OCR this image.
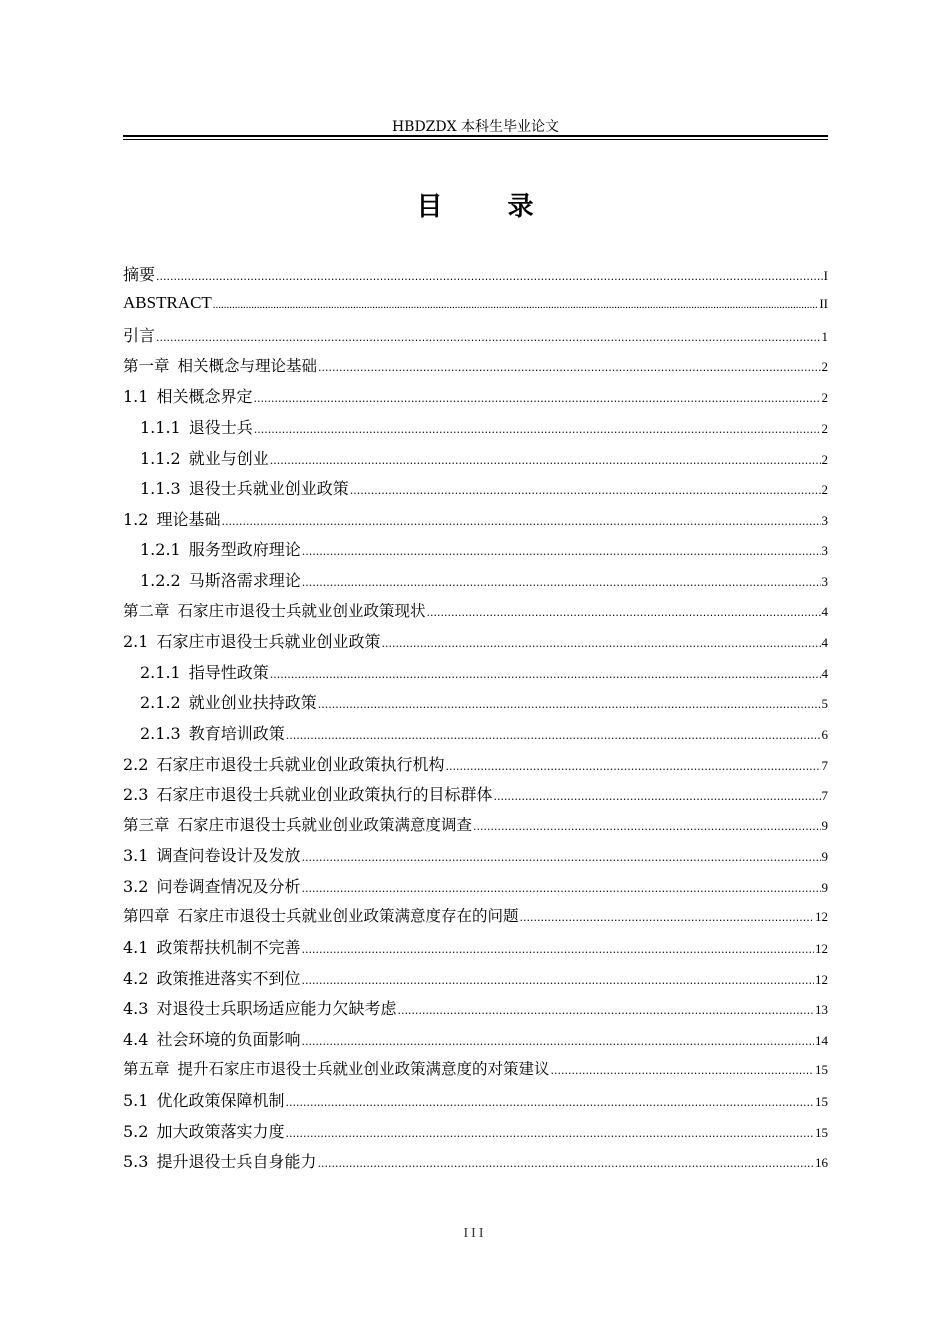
HBDZDX 本科生毕业论文
目 录
摘要 .....	I
ABSTRACT .....	II
引言 .....	1
第一章 相关概念与理论基础 .....	2
1.1 相关概念界定 .....	2
1.1.1 退役士兵 .....	2
1.1.2 就业与创业 .....	2
1.1.3 退役士兵就业创业政策 .....	2
1.2 理论基础 .....	3
1.2.1 服务型政府理论 .....	3
1.2.2 马斯洛需求理论 .....	3
第二章 石家庄市退役士兵就业创业政策现状 .....	4
2.1 石家庄市退役士兵就业创业政策 .....	4
2.1.1 指导性政策 .....	4
2.1.2 就业创业扶持政策 .....	5
2.1.3 教育培训政策 .....	6
2.2 石家庄市退役士兵就业创业政策执行机构 .....	7
2.3 石家庄市退役士兵就业创业政策执行的目标群体 .....	7
第三章 石家庄市退役士兵就业创业政策满意度调查 .....	9
3.1 调查问卷设计及发放 .....	9
3.2 问卷调查情况及分析 .....	9
第四章 石家庄市退役士兵就业创业政策满意度存在的问题 .....	12
4.1 政策帮扶机制不完善 .....	12
4.2 政策推进落实不到位 .....	12
4.3 对退役士兵职场适应能力欠缺考虑 .....	13
4.4 社会环境的负面影响 .....	14
第五章 提升石家庄市退役士兵就业创业政策满意度的对策建议 .....	15
5.1 优化政策保障机制 .....	15
5.2 加大政策落实力度 .....	15
5.3 提升退役士兵自身能力 .....	16
III
